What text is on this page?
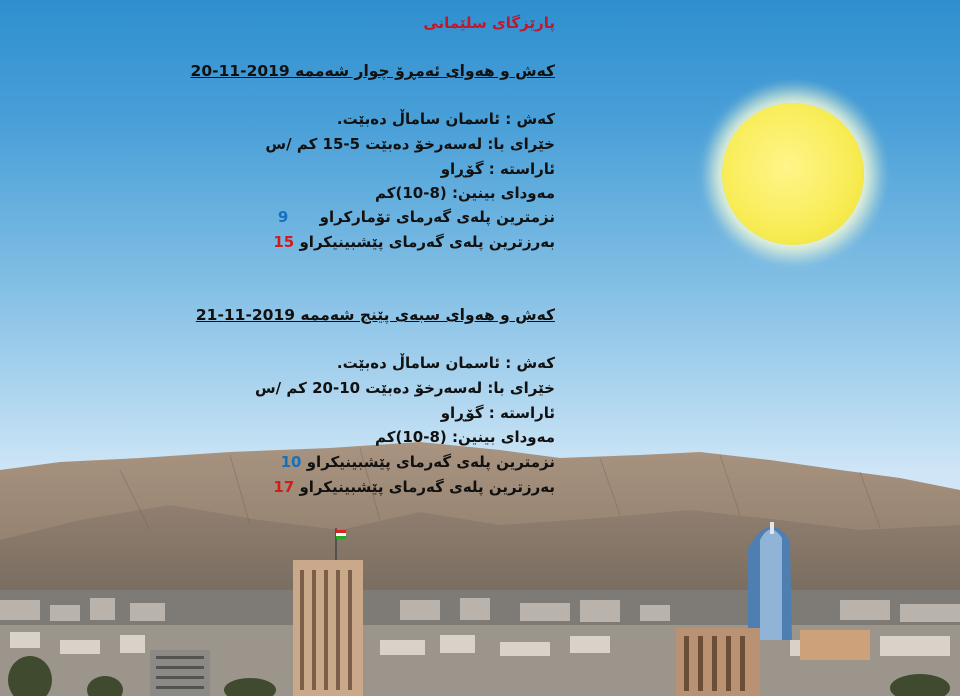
پارێزگای سلێمانی
کەش و هەوای ئەمڕۆ چوار شەممە 2019-11-20
کەش : ئاسمان ساماڵ دەبێت.
خێرای با: لەسەرخۆ دەبێت 5-15 کم /س
ئاراستە : گۆڕاو
مەودای بینین: (8-10)کم
نزمترین پلەی گەرمای تۆمارکراو      9
بەرزترین پلەی گەرمای پێشبینیکراو 15
کەش و هەوای سبەی پێنج شەممە 2019-11-21
کەش : ئاسمان ساماڵ دەبێت.
خێرای با: لەسەرخۆ دەبێت 10-20 کم /س
ئاراستە : گۆڕاو
مەودای بینین: (8-10)کم
نزمترین پلەی گەرمای پێشبینیکراو 10
بەرزترین پلەی گەرمای پێشبینیکراو 17
